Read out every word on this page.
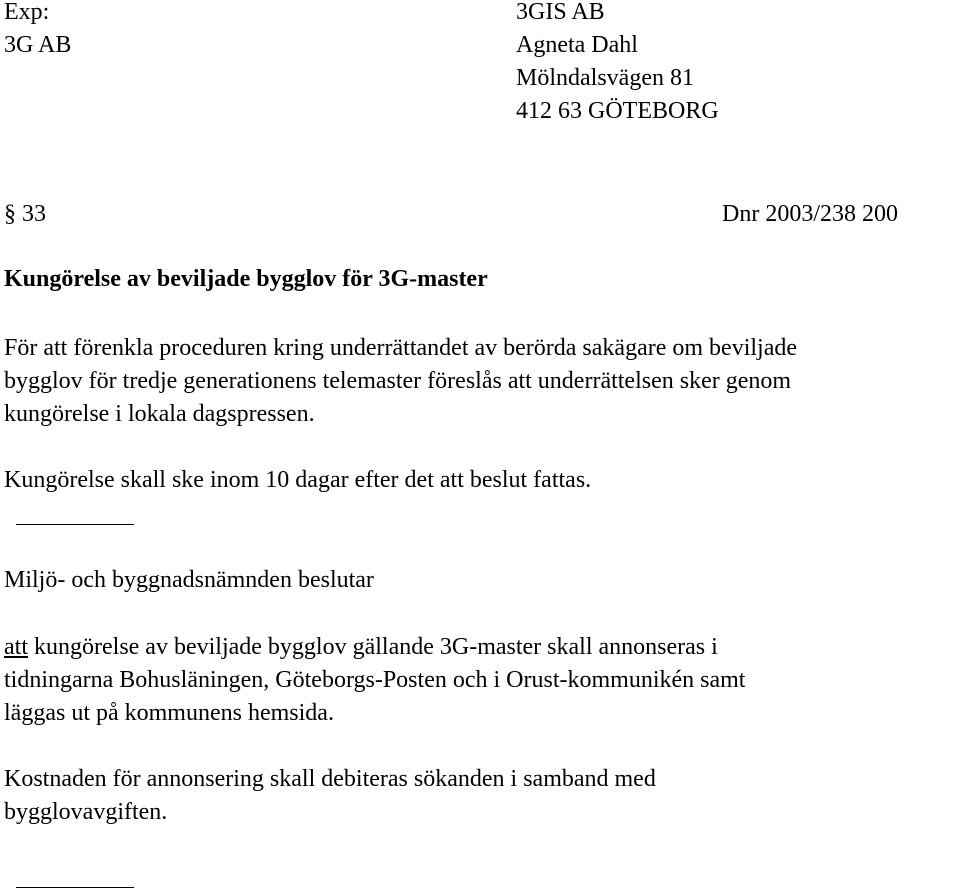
Exp:
3G AB
3GIS AB
Agneta Dahl
Mölndalsvägen 81
412 63 GÖTEBORG
§ 33	Dnr 2003/238 200
Kungörelse av beviljade bygglov för 3G-master
För att förenkla proceduren kring underrättandet av berörda sakägare om beviljade
bygglov för tredje generationens telemaster föreslås att underrättelsen sker genom
kungörelse i lokala dagspressen.
Kungörelse skall ske inom 10 dagar efter det att beslut fattas.
Miljö- och byggnadsnämnden beslutar
att kungörelse av beviljade bygglov gällande 3G-master skall annonseras i
tidningarna Bohusläningen, Göteborgs-Posten och i Orust-kommunikén samt
läggas ut på kommunens hemsida.
Kostnaden för annonsering skall debiteras sökanden i samband med
bygglovavgiften.
